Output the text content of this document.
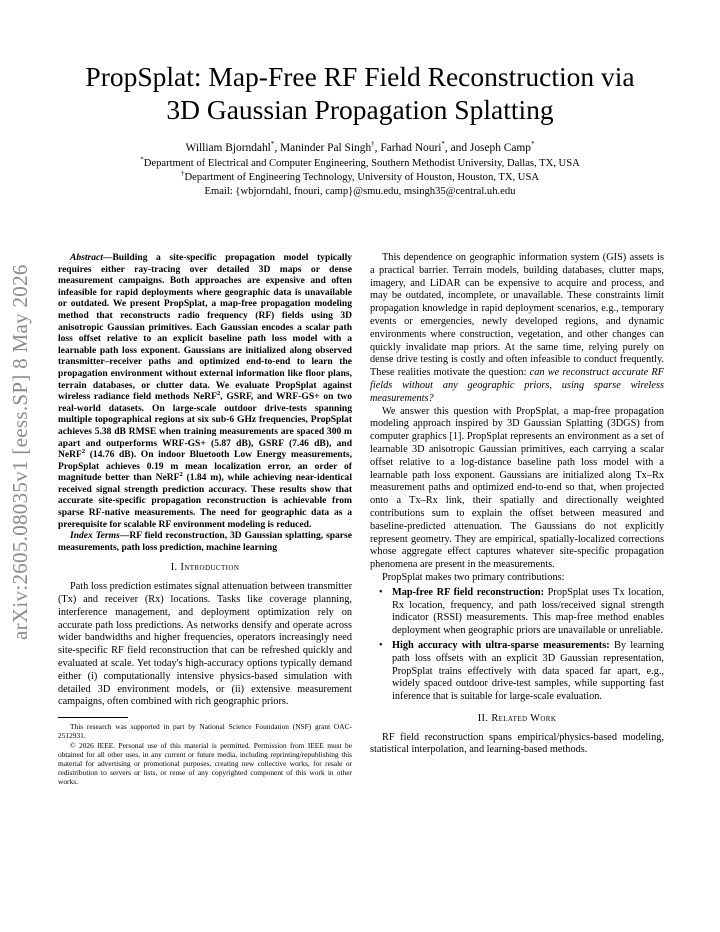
arXiv:2605.08035v1 [eess.SP] 8 May 2026
PropSplat: Map-Free RF Field Reconstruction via
3D Gaussian Propagation Splatting
William Bjorndahl*, Maninder Pal Singh†, Farhad Nouri*, and Joseph Camp*
*Department of Electrical and Computer Engineering, Southern Methodist University, Dallas, TX, USA
†Department of Engineering Technology, University of Houston, Houston, TX, USA
Email: {wbjorndahl, fnouri, camp}@smu.edu, msingh35@central.uh.edu

Abstract—Building a site-specific propagation model typically requires either ray-tracing over detailed 3D maps or dense measurement campaigns. Both approaches are expensive and often infeasible for rapid deployments where geographic data is unavailable or outdated. We present PropSplat, a map-free propagation modeling method that reconstructs radio frequency (RF) fields using 3D anisotropic Gaussian primitives. Each Gaussian encodes a scalar path loss offset relative to an explicit baseline path loss model with a learnable path loss exponent. Gaussians are initialized along observed transmitter–receiver paths and optimized end-to-end to learn the propagation environment without external information like floor plans, terrain databases, or clutter data. We evaluate PropSplat against wireless radiance field methods NeRF$^2$, GSRF, and WRF-GS+ on two real-world datasets. On large-scale outdoor drive-tests spanning multiple topographical regions at six sub-6 GHz frequencies, PropSplat achieves 5.38 dB RMSE when training measurements are spaced 300 m apart and outperforms WRF-GS+ (5.87 dB), GSRF (7.46 dB), and NeRF$^2$ (14.76 dB). On indoor Bluetooth Low Energy measurements, PropSplat achieves 0.19 m mean localization error, an order of magnitude better than NeRF$^2$ (1.84 m), while achieving near-identical received signal strength prediction accuracy. These results show that accurate site-specific propagation reconstruction is achievable from sparse RF-native measurements. The need for geographic data as a prerequisite for scalable RF environment modeling is reduced.

Index Terms—RF field reconstruction, 3D Gaussian splatting, sparse measurements, path loss prediction, machine learning

I. Introduction

Path loss prediction estimates signal attenuation between transmitter (Tx) and receiver (Rx) locations. Tasks like coverage planning, interference management, and deployment optimization rely on accurate path loss predictions. As networks densify and operate across wider bandwidths and higher frequencies, operators increasingly need site-specific RF field reconstruction that can be refreshed quickly and evaluated at scale. Yet today's high-accuracy options typically demand either (i) computationally intensive physics-based simulation with detailed 3D environment models, or (ii) extensive measurement campaigns, often combined with rich geographic priors.

This research was supported in part by National Science Foundation (NSF) grant OAC-2512931.

© 2026 IEEE. Personal use of this material is permitted. Permission from IEEE must be obtained for all other uses, in any current or future media, including reprinting/republishing this material for advertising or promotional purposes, creating new collective works, for resale or redistribution to servers or lists, or reuse of any copyrighted component of this work in other works.

This dependence on geographic information system (GIS) assets is a practical barrier. Terrain models, building databases, clutter maps, imagery, and LiDAR can be expensive to acquire and process, and may be outdated, incomplete, or unavailable. These constraints limit propagation knowledge in rapid deployment scenarios, e.g., temporary events or emergencies, newly developed regions, and dynamic environments where construction, vegetation, and other changes can quickly invalidate map priors. At the same time, relying purely on dense drive testing is costly and often infeasible to conduct frequently. These realities motivate the question: can we reconstruct accurate RF fields without any geographic priors, using sparse wireless measurements?

We answer this question with PropSplat, a map-free propagation modeling approach inspired by 3D Gaussian Splatting (3DGS) from computer graphics [1]. PropSplat represents an environment as a set of learnable 3D anisotropic Gaussian primitives, each carrying a scalar offset relative to a log-distance baseline path loss model with a learnable path loss exponent. Gaussians are initialized along Tx–Rx measurement paths and optimized end-to-end so that, when projected onto a Tx–Rx link, their spatially and directionally weighted contributions sum to explain the offset between measured and baseline-predicted attenuation. The Gaussians do not explicitly represent geometry. They are empirical, spatially-localized corrections whose aggregate effect captures whatever site-specific propagation phenomena are present in the measurements.

PropSplat makes two primary contributions:

• Map-free RF field reconstruction: PropSplat uses Tx location, Rx location, frequency, and path loss/received signal strength indicator (RSSI) measurements. This map-free method enables deployment when geographic priors are unavailable or unreliable.
• High accuracy with ultra-sparse measurements: By learning path loss offsets with an explicit 3D Gaussian representation, PropSplat trains effectively with data spaced far apart, e.g., widely spaced outdoor drive-test samples, while supporting fast inference that is suitable for large-scale evaluation.
II. Related Work

RF field reconstruction spans empirical/physics-based modeling, statistical interpolation, and learning-based methods.
